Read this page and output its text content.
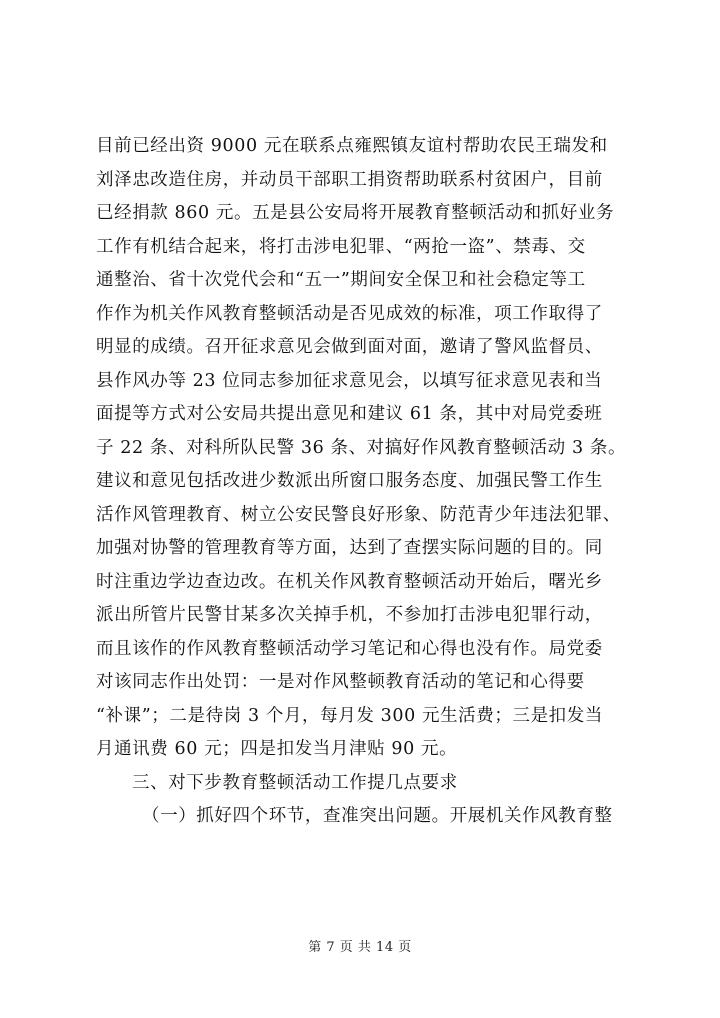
目前已经出资 9000 元在联系点雍熙镇友谊村帮助农民王瑞发和
刘泽忠改造住房，并动员干部职工捐资帮助联系村贫困户，目前
已经捐款 860 元。五是县公安局将开展教育整顿活动和抓好业务
工作有机结合起来，将打击涉电犯罪、“两抢一盗”、禁毒、交
通整治、省十次党代会和“五一”期间安全保卫和社会稳定等工
作作为机关作风教育整顿活动是否见成效的标准，项工作取得了
明显的成绩。召开征求意见会做到面对面，邀请了警风监督员、
县作风办等 23 位同志参加征求意见会，以填写征求意见表和当
面提等方式对公安局共提出意见和建议 61 条，其中对局党委班
子 22 条、对科所队民警 36 条、对搞好作风教育整顿活动 3 条。
建议和意见包括改进少数派出所窗口服务态度、加强民警工作生
活作风管理教育、树立公安民警良好形象、防范青少年违法犯罪、
加强对协警的管理教育等方面，达到了查摆实际问题的目的。同
时注重边学边查边改。在机关作风教育整顿活动开始后，曙光乡
派出所管片民警甘某多次关掉手机，不参加打击涉电犯罪行动，
而且该作的作风教育整顿活动学习笔记和心得也没有作。局党委
对该同志作出处罚：一是对作风整顿教育活动的笔记和心得要
“补课”；二是待岗 3 个月，每月发 300 元生活费；三是扣发当
月通讯费 60 元；四是扣发当月津贴 90 元。
三、对下步教育整顿活动工作提几点要求
（一）抓好四个环节，查准突出问题。开展机关作风教育整
第 7 页 共 14 页
